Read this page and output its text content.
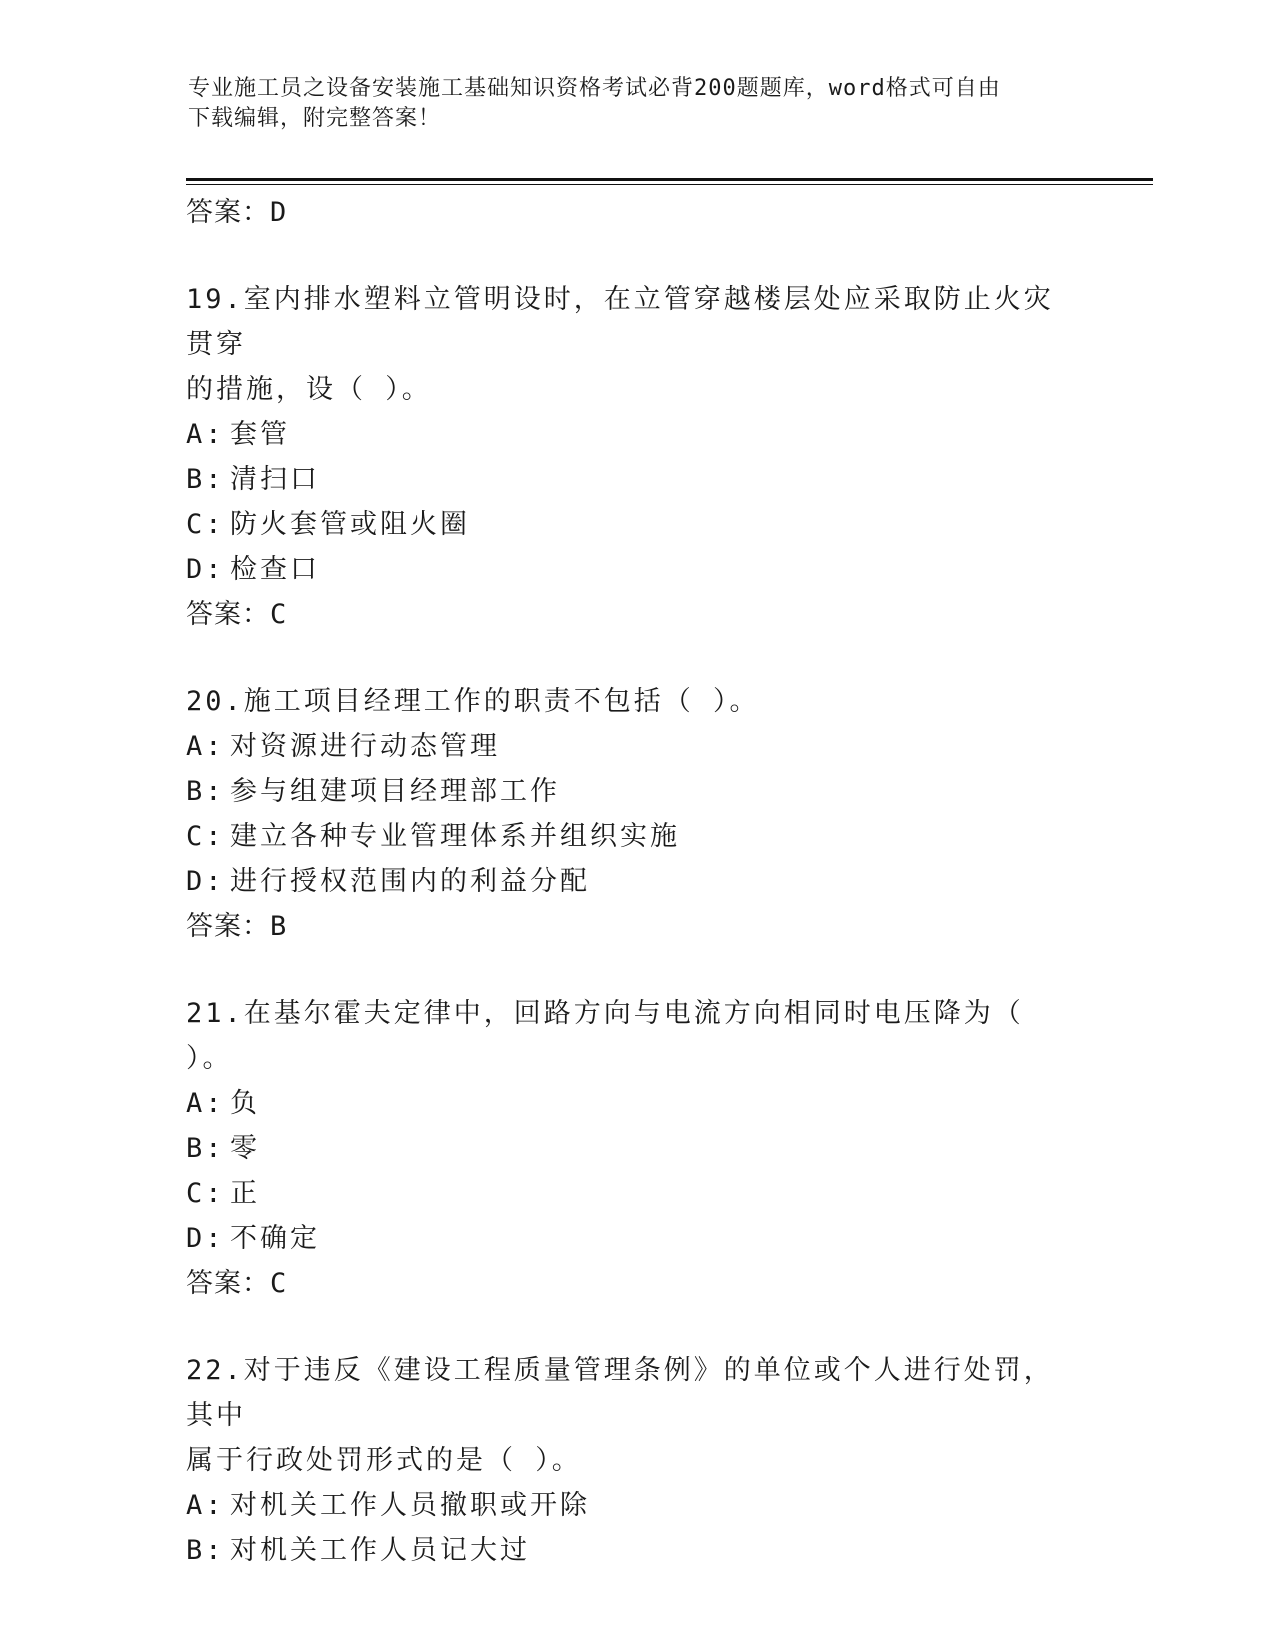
专业施工员之设备安装施工基础知识资格考试必背200题题库，word格式可自由
下载编辑，附完整答案！

答案：D

19.室内排水塑料立管明设时，在立管穿越楼层处应采取防止火灾贯穿

的措施，设（ ）。

A: 套管

B: 清扫口

C: 防火套管或阻火圈

D: 检查口

答案：C

20.施工项目经理工作的职责不包括（ ）。

A: 对资源进行动态管理

B: 参与组建项目经理部工作

C: 建立各种专业管理体系并组织实施

D: 进行授权范围内的利益分配

答案：B

21.在基尔霍夫定律中，回路方向与电流方向相同时电压降为（ ）。

A: 负

B: 零

C: 正

D: 不确定

答案：C

22.对于违反《建设工程质量管理条例》的单位或个人进行处罚，其中

属于行政处罚形式的是（ ）。

A: 对机关工作人员撤职或开除

B: 对机关工作人员记大过
